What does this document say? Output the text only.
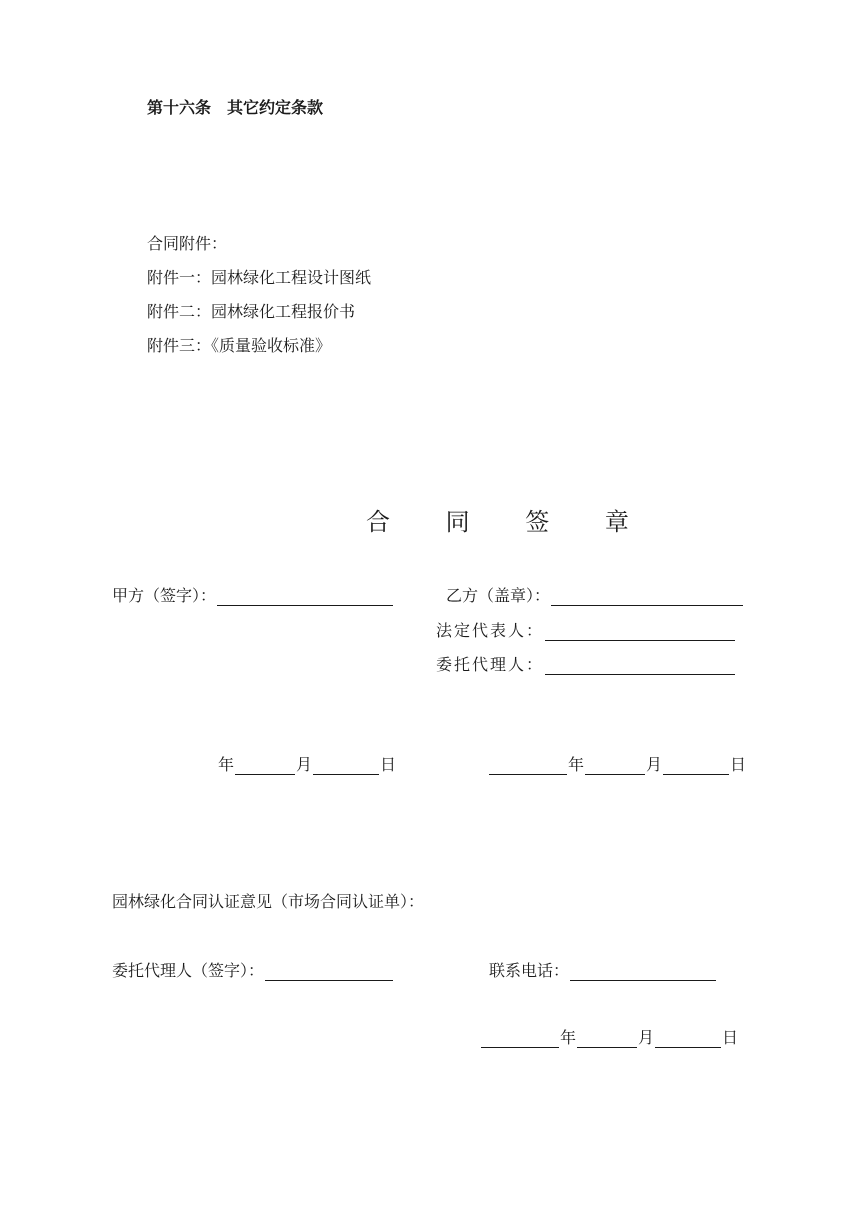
第十六条　其它约定条款
合同附件：
附件一：园林绿化工程设计图纸
附件二：园林绿化工程报价书
附件三：《质量验收标准》
合 同 签 章
甲方（签字）：	乙方（盖章）：
法定代表人：
委托代理人：
年	月	日	年	月	日
园林绿化合同认证意见（市场合同认证单）：
委托代理人（签字）：	联系电话：
年	月	日
